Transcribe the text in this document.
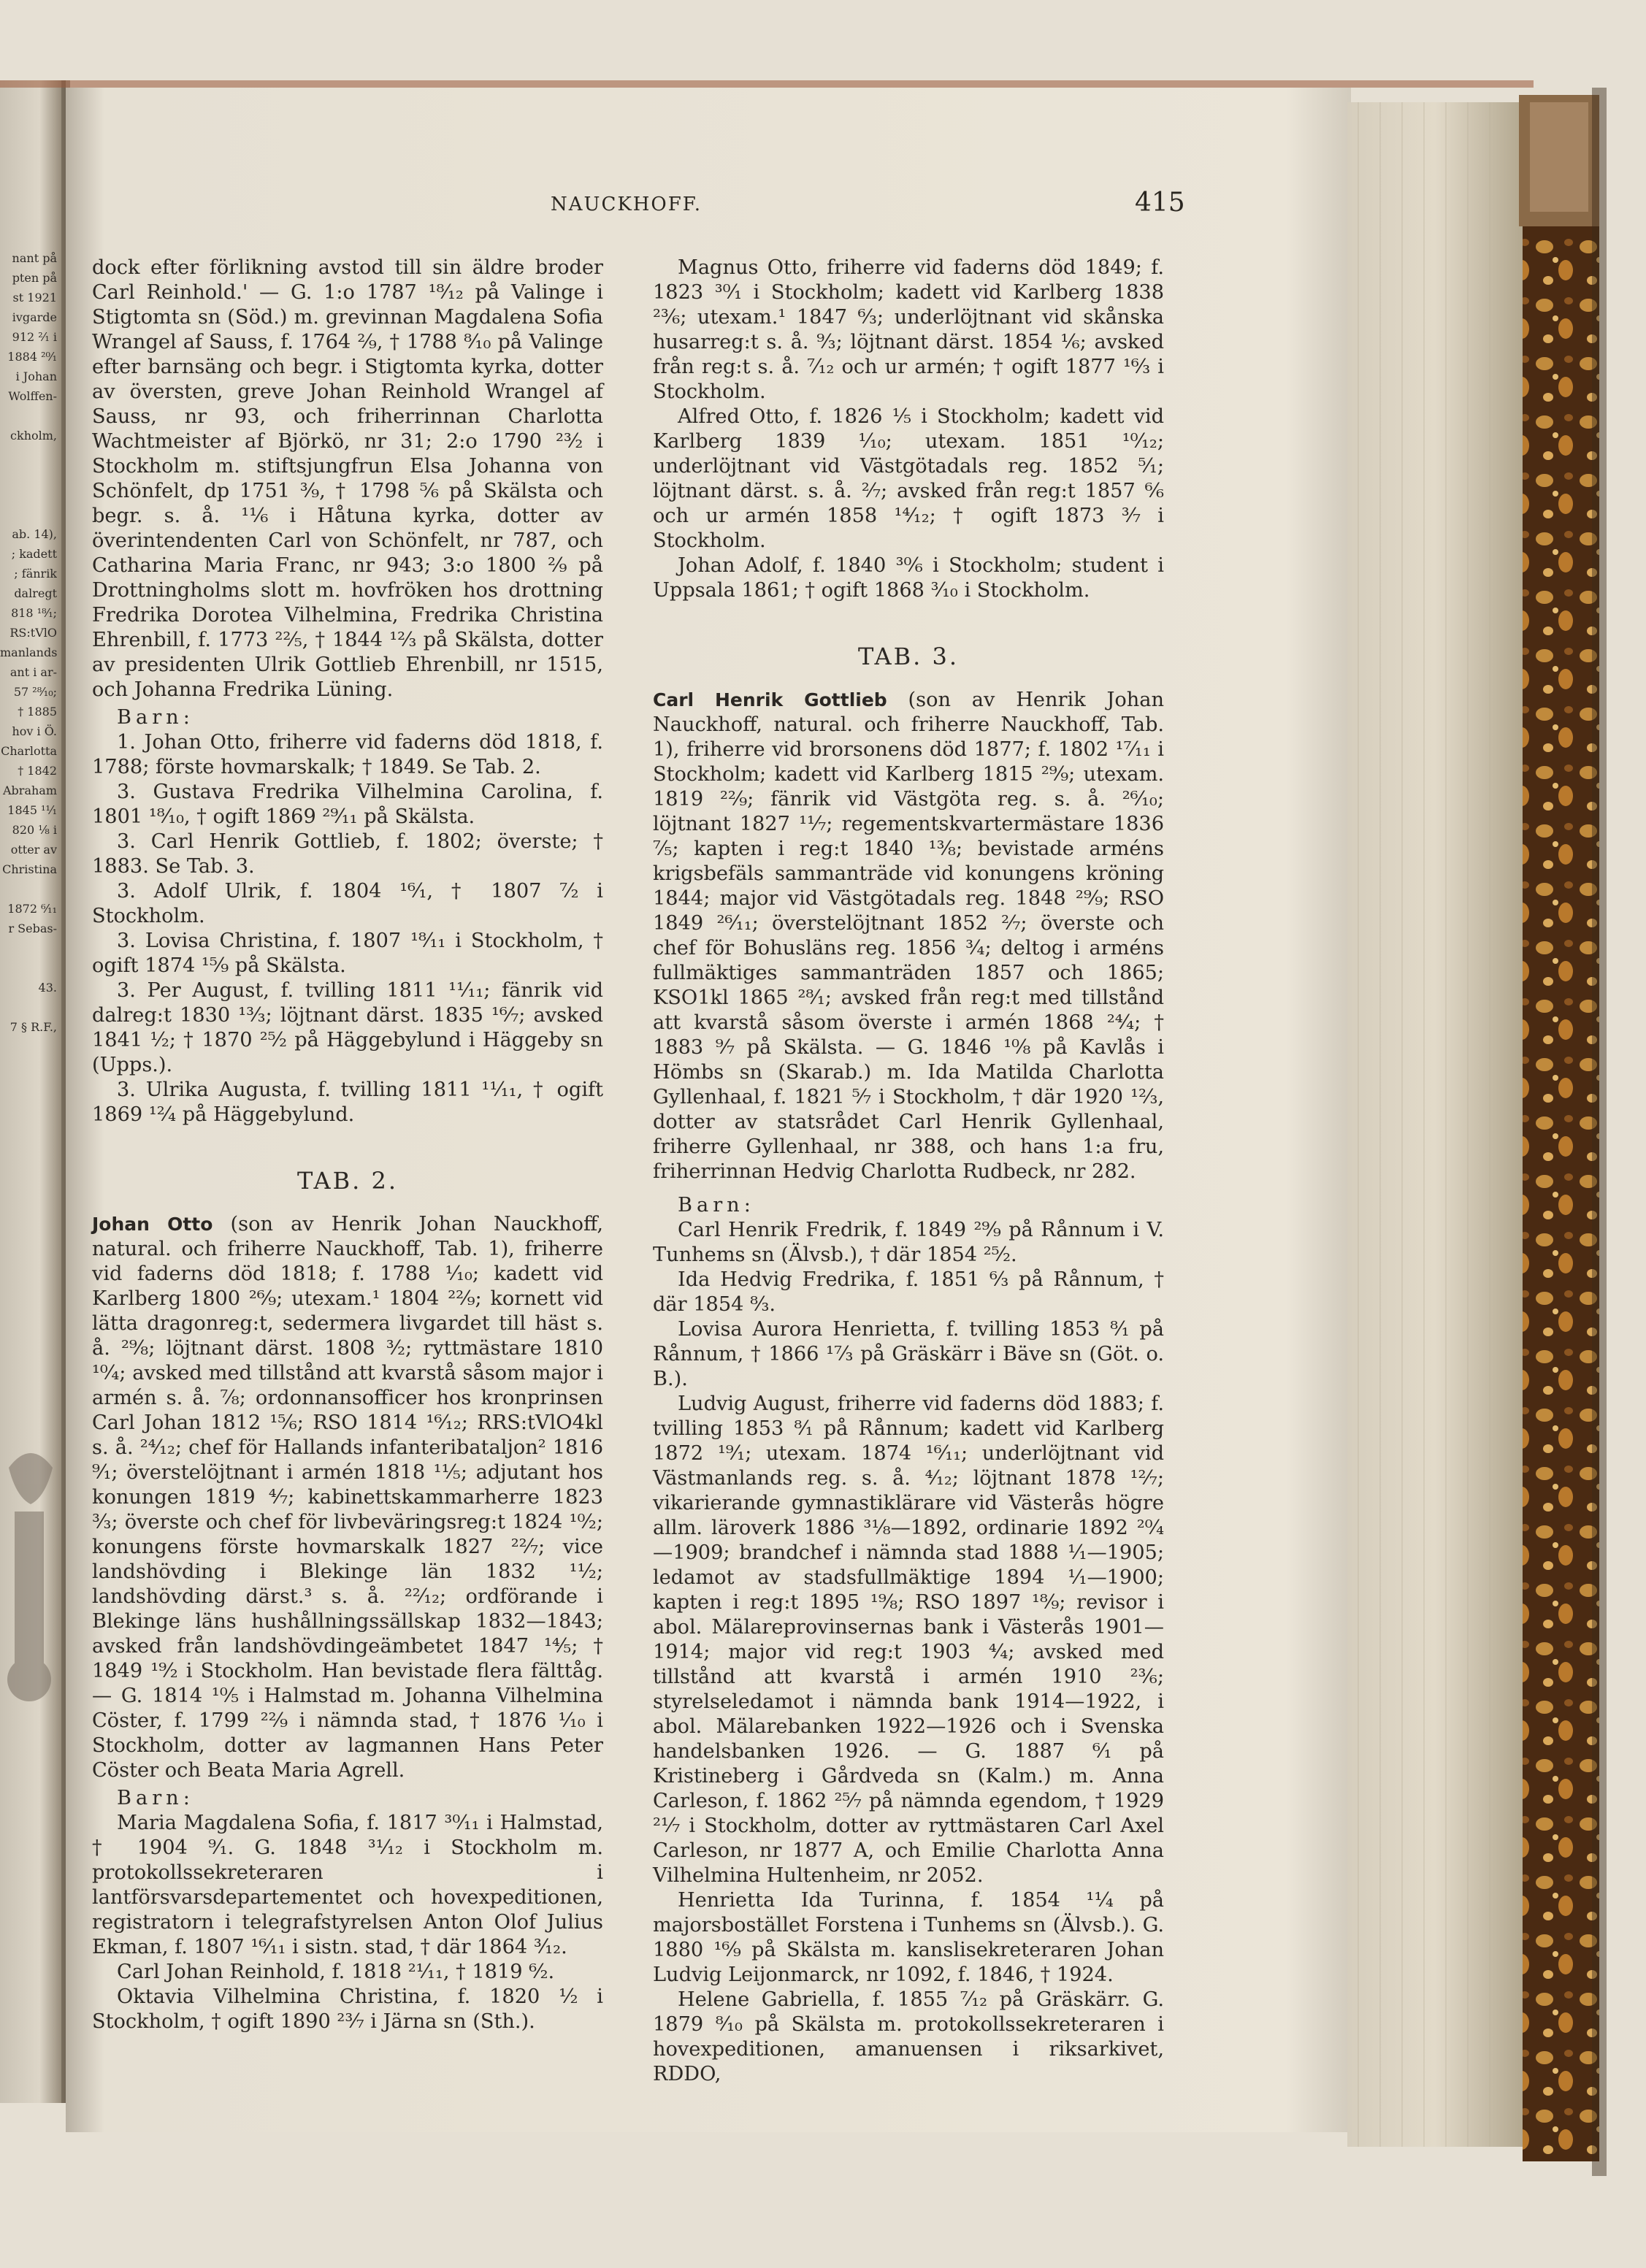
nant på
pten på
st 1921
ivgarde
912 ²⁄₁ i
1884 ²⁰⁄₁
i Johan
Wolffen-

ckholm,

ab. 14),
; kadett
; fänrik
dalregt
818 ¹⁸⁄₁;
RS:tVlO
manlands
ant i ar-
57 ²⁸⁄₁₀;
† 1885
hov i Ö.
Charlotta
† 1842
Abraham
1845 ¹¹⁄₁
820 ¹⁄₈ i
otter av
Christina

1872 ⁶⁄₁₁
r Sebas-

43.

7 § R.F.,
NAUCKHOFF.	415

dock efter förlikning avstod till sin äldre broder Carl Reinhold.' — G. 1:o 1787 ¹⁸⁄₁₂ på Valinge i Stigtomta sn (Söd.) m. grevinnan Magdalena Sofia Wrangel af Sauss, f. 1764 ²⁄₉, † 1788 ⁸⁄₁₀ på Valinge efter barnsäng och begr. i Stigtomta kyrka, dotter av översten, greve Johan Reinhold Wrangel af Sauss, nr 93, och friherrinnan Charlotta Wachtmeister af Björkö, nr 31; 2:o 1790 ²³⁄₂ i Stockholm m. stiftsjungfrun Elsa Johanna von Schönfelt, dp 1751 ³⁄₉, † 1798 ⁵⁄₆ på Skälsta och begr. s. å. ¹¹⁄₆ i Håtuna kyrka, dotter av överintendenten Carl von Schönfelt, nr 787, och Catharina Maria Franc, nr 943; 3:o 1800 ²⁄₉ på Drottningholms slott m. hovfröken hos drottning Fredrika Dorotea Vilhelmina, Fredrika Christina Ehrenbill, f. 1773 ²²⁄₅, † 1844 ¹²⁄₃ på Skälsta, dotter av presidenten Ulrik Gottlieb Ehrenbill, nr 1515, och Johanna Fredrika Lüning.

Barn:

1. Johan Otto, friherre vid faderns död 1818, f. 1788; förste hovmarskalk; † 1849. Se Tab. 2.

3. Gustava Fredrika Vilhelmina Carolina, f. 1801 ¹⁸⁄₁₀, † ogift 1869 ²⁹⁄₁₁ på Skälsta.

3. Carl Henrik Gottlieb, f. 1802; överste; † 1883. Se Tab. 3.

3. Adolf Ulrik, f. 1804 ¹⁶⁄₁, † 1807 ⁷⁄₂ i Stockholm.

3. Lovisa Christina, f. 1807 ¹⁸⁄₁₁ i Stockholm, † ogift 1874 ¹⁵⁄₉ på Skälsta.

3. Per August, f. tvilling 1811 ¹¹⁄₁₁; fänrik vid dalreg:t 1830 ¹³⁄₃; löjtnant därst. 1835 ¹⁶⁄₇; avsked 1841 ¹⁄₂; † 1870 ²⁵⁄₂ på Häggebylund i Häggeby sn (Upps.).

3. Ulrika Augusta, f. tvilling 1811 ¹¹⁄₁₁, † ogift 1869 ¹²⁄₄ på Häggebylund.

TAB. 2.

Johan Otto (son av Henrik Johan Nauckhoff, natural. och friherre Nauckhoff, Tab. 1), friherre vid faderns död 1818; f. 1788 ¹⁄₁₀; kadett vid Karlberg 1800 ²⁶⁄₉; utexam.¹ 1804 ²²⁄₉; kornett vid lätta dragonreg:t, sedermera livgardet till häst s. å. ²⁹⁄₈; löjtnant därst. 1808 ³⁄₂; ryttmästare 1810 ¹⁰⁄₄; avsked med tillstånd att kvarstå såsom major i armén s. å. ⁷⁄₈; ordonnansofficer hos kronprinsen Carl Johan 1812 ¹⁵⁄₆; RSO 1814 ¹⁶⁄₁₂; RRS:tVlO4kl s. å. ²⁴⁄₁₂; chef för Hallands infanteribataljon² 1816 ⁹⁄₁; överstelöjtnant i armén 1818 ¹¹⁄₅; adjutant hos konungen 1819 ⁴⁄₇; kabinettskammarherre 1823 ³⁄₃; överste och chef för livbeväringsreg:t 1824 ¹⁰⁄₂; konungens förste hovmarskalk 1827 ²²⁄₇; vice landshövding i Blekinge län 1832 ¹¹⁄₂; landshövding därst.³ s. å. ²²⁄₁₂; ordförande i Blekinge läns hushållningssällskap 1832—1843; avsked från landshövdingeämbetet 1847 ¹⁴⁄₅; † 1849 ¹⁹⁄₂ i Stockholm. Han bevistade flera fälttåg. — G. 1814 ¹⁰⁄₅ i Halmstad m. Johanna Vilhelmina Cöster, f. 1799 ²²⁄₉ i nämnda stad, † 1876 ¹⁄₁₀ i Stockholm, dotter av lagmannen Hans Peter Cöster och Beata Maria Agrell.

Barn:

Maria Magdalena Sofia, f. 1817 ³⁰⁄₁₁ i Halmstad, † 1904 ⁹⁄₁. G. 1848 ³¹⁄₁₂ i Stockholm m. protokollssekreteraren i lantförsvarsdepartementet och hovexpeditionen, registratorn i telegrafstyrelsen Anton Olof Julius Ekman, f. 1807 ¹⁶⁄₁₁ i sistn. stad, † där 1864 ³⁄₁₂.

Carl Johan Reinhold, f. 1818 ²¹⁄₁₁, † 1819 ⁶⁄₂.

Oktavia Vilhelmina Christina, f. 1820 ¹⁄₂ i Stockholm, † ogift 1890 ²³⁄₇ i Järna sn (Sth.).

Magnus Otto, friherre vid faderns död 1849; f. 1823 ³⁰⁄₁ i Stockholm; kadett vid Karlberg 1838 ²³⁄₆; utexam.¹ 1847 ⁶⁄₃; underlöjtnant vid skånska husarreg:t s. å. ⁹⁄₃; löjtnant därst. 1854 ¹⁄₆; avsked från reg:t s. å. ⁷⁄₁₂ och ur armén; † ogift 1877 ¹⁶⁄₃ i Stockholm.

Alfred Otto, f. 1826 ¹⁄₅ i Stockholm; kadett vid Karlberg 1839 ¹⁄₁₀; utexam. 1851 ¹⁰⁄₁₂; underlöjtnant vid Västgötadals reg. 1852 ⁵⁄₁; löjtnant därst. s. å. ²⁄₇; avsked från reg:t 1857 ⁶⁄₆ och ur armén 1858 ¹⁴⁄₁₂; † ogift 1873 ³⁄₇ i Stockholm.

Johan Adolf, f. 1840 ³⁰⁄₆ i Stockholm; student i Uppsala 1861; † ogift 1868 ³⁄₁₀ i Stockholm.

TAB. 3.

Carl Henrik Gottlieb (son av Henrik Johan Nauckhoff, natural. och friherre Nauckhoff, Tab. 1), friherre vid brorsonens död 1877; f. 1802 ¹⁷⁄₁₁ i Stockholm; kadett vid Karlberg 1815 ²⁹⁄₉; utexam. 1819 ²²⁄₉; fänrik vid Västgöta reg. s. å. ²⁶⁄₁₀; löjtnant 1827 ¹¹⁄₇; regementskvartermästare 1836 ⁷⁄₅; kapten i reg:t 1840 ¹³⁄₈; bevistade arméns krigsbefäls sammanträde vid konungens kröning 1844; major vid Västgötadals reg. 1848 ²⁹⁄₉; RSO 1849 ²⁶⁄₁₁; överstelöjtnant 1852 ²⁄₇; överste och chef för Bohusläns reg. 1856 ³⁄₄; deltog i arméns fullmäktiges sammanträden 1857 och 1865; KSO1kl 1865 ²⁸⁄₁; avsked från reg:t med tillstånd att kvarstå såsom överste i armén 1868 ²⁴⁄₄; † 1883 ⁹⁄₇ på Skälsta. — G. 1846 ¹⁰⁄₈ på Kavlås i Hömbs sn (Skarab.) m. Ida Matilda Charlotta Gyllenhaal, f. 1821 ⁵⁄₇ i Stockholm, † där 1920 ¹²⁄₃, dotter av statsrådet Carl Henrik Gyllenhaal, friherre Gyllenhaal, nr 388, och hans 1:a fru, friherrinnan Hedvig Charlotta Rudbeck, nr 282.

Barn:

Carl Henrik Fredrik, f. 1849 ²⁹⁄₉ på Rånnum i V. Tunhems sn (Älvsb.), † där 1854 ²⁵⁄₂.

Ida Hedvig Fredrika, f. 1851 ⁶⁄₃ på Rånnum, † där 1854 ⁸⁄₃.

Lovisa Aurora Henrietta, f. tvilling 1853 ⁸⁄₁ på Rånnum, † 1866 ¹⁷⁄₃ på Gräskärr i Bäve sn (Göt. o. B.).

Ludvig August, friherre vid faderns död 1883; f. tvilling 1853 ⁸⁄₁ på Rånnum; kadett vid Karlberg 1872 ¹⁹⁄₁; utexam. 1874 ¹⁶⁄₁₁; underlöjtnant vid Västmanlands reg. s. å. ⁴⁄₁₂; löjtnant 1878 ¹²⁄₇; vikarierande gymnastiklärare vid Västerås högre allm. läroverk 1886 ³¹⁄₈—1892, ordinarie 1892 ²⁰⁄₄—1909; brandchef i nämnda stad 1888 ¹⁄₁—1905; ledamot av stadsfullmäktige 1894 ¹⁄₁—1900; kapten i reg:t 1895 ¹⁹⁄₈; RSO 1897 ¹⁸⁄₉; revisor i abol. Mälareprovinsernas bank i Västerås 1901—1914; major vid reg:t 1903 ⁴⁄₄; avsked med tillstånd att kvarstå i armén 1910 ²³⁄₆; styrelseledamot i nämnda bank 1914—1922, i abol. Mälarebanken 1922—1926 och i Svenska handelsbanken 1926. — G. 1887 ⁶⁄₁ på Kristineberg i Gårdveda sn (Kalm.) m. Anna Carleson, f. 1862 ²⁵⁄₇ på nämnda egendom, † 1929 ²¹⁄₇ i Stockholm, dotter av ryttmästaren Carl Axel Carleson, nr 1877 A, och Emilie Charlotta Anna Vilhelmina Hultenheim, nr 2052.

Henrietta Ida Turinna, f. 1854 ¹¹⁄₄ på majorsbostället Forstena i Tunhems sn (Älvsb.). G. 1880 ¹⁶⁄₉ på Skälsta m. kanslisekreteraren Johan Ludvig Leijonmarck, nr 1092, f. 1846, † 1924.

Helene Gabriella, f. 1855 ⁷⁄₁₂ på Gräskärr. G. 1879 ⁸⁄₁₀ på Skälsta m. protokollssekreteraren i hovexpeditionen, amanuensen i riksarkivet, RDDO,
